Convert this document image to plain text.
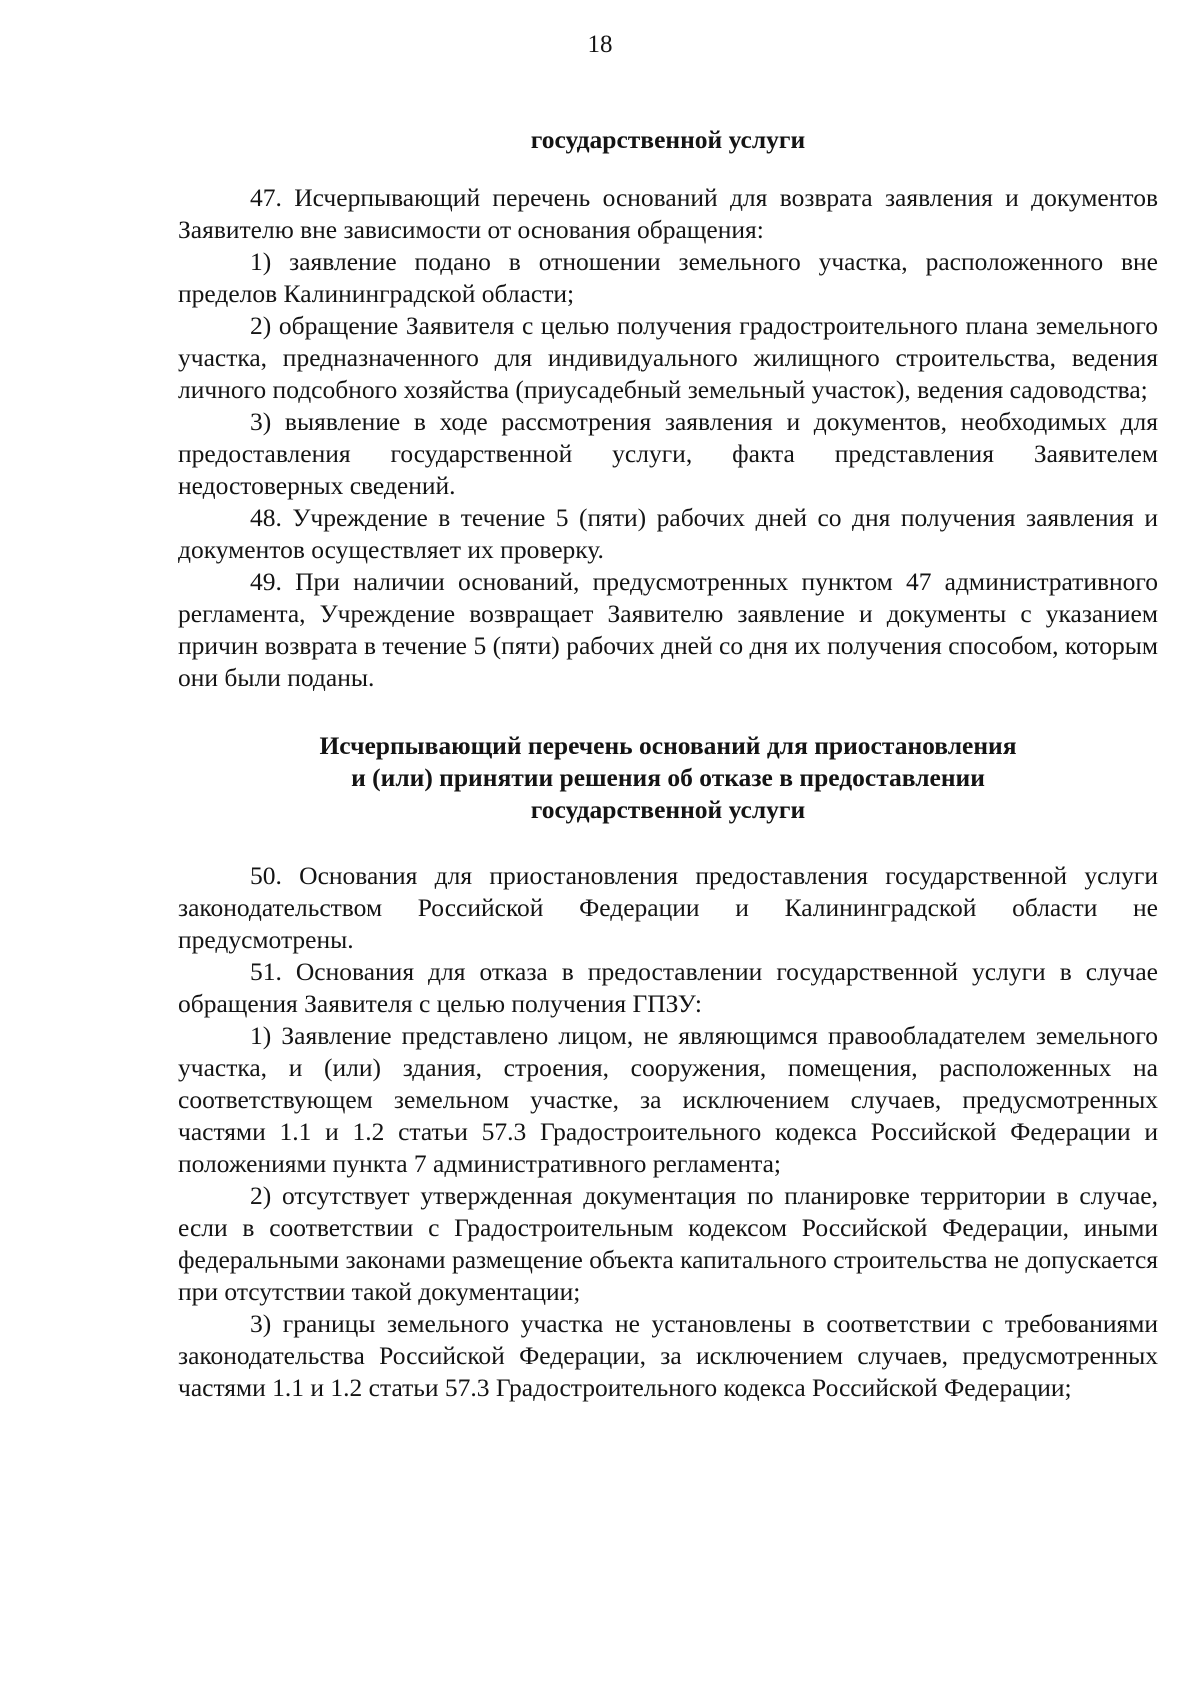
18

государственной услуги

47. Исчерпывающий перечень оснований для возврата заявления и документов Заявителю вне зависимости от основания обращения:

1) заявление подано в отношении земельного участка, расположенного вне пределов Калининградской области;

2) обращение Заявителя с целью получения градостроительного плана земельного участка, предназначенного для индивидуального жилищного строительства, ведения личного подсобного хозяйства (приусадебный земельный участок), ведения садоводства;

3) выявление в ходе рассмотрения заявления и документов, необходимых для предоставления государственной услуги, факта представления Заявителем недостоверных сведений.

48. Учреждение в течение 5 (пяти) рабочих дней со дня получения заявления и документов осуществляет их проверку.

49. При наличии оснований, предусмотренных пунктом 47 административного регламента, Учреждение возвращает Заявителю заявление и документы с указанием причин возврата в течение 5 (пяти) рабочих дней со дня их получения способом, которым они были поданы.

Исчерпывающий перечень оснований для приостановления
и (или) принятии решения об отказе в предоставлении
государственной услуги

50. Основания для приостановления предоставления государственной услуги законодательством Российской Федерации и Калининградской области не предусмотрены.

51. Основания для отказа в предоставлении государственной услуги в случае обращения Заявителя с целью получения ГПЗУ:

1) Заявление представлено лицом, не являющимся правообладателем земельного участка, и (или) здания, строения, сооружения, помещения, расположенных на соответствующем земельном участке, за исключением случаев, предусмотренных частями 1.1 и 1.2 статьи 57.3 Градостроительного кодекса Российской Федерации и положениями пункта 7 административного регламента;

2) отсутствует утвержденная документация по планировке территории в случае, если в соответствии с Градостроительным кодексом Российской Федерации, иными федеральными законами размещение объекта капитального строительства не допускается при отсутствии такой документации;

3) границы земельного участка не установлены в соответствии с требованиями законодательства Российской Федерации, за исключением случаев, предусмотренных частями 1.1 и 1.2 статьи 57.3 Градостроительного кодекса Российской Федерации;
